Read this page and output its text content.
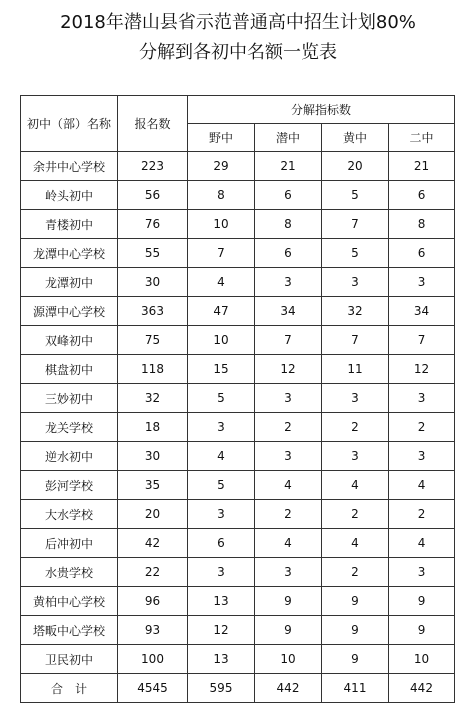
2018年潜山县省示范普通高中招生计划80%
分解到各初中名额一览表
初中（部）名称	报名数	分解指标数			
		野中	潜中	黄中	二中
余井中心学校	223	29	21	20	21
岭头初中	56	8	6	5	6
青楼初中	76	10	8	7	8
龙潭中心学校	55	7	6	5	6
龙潭初中	30	4	3	3	3
源潭中心学校	363	47	34	32	34
双峰初中	75	10	7	7	7
棋盘初中	118	15	12	11	12
三妙初中	32	5	3	3	3
龙关学校	18	3	2	2	2
逆水初中	30	4	3	3	3
彭河学校	35	5	4	4	4
大水学校	20	3	2	2	2
后冲初中	42	6	4	4	4
水贵学校	22	3	3	2	3
黄柏中心学校	96	13	9	9	9
塔畈中心学校	93	12	9	9	9
卫民初中	100	13	10	9	10
合　计	4545	595	442	411	442
